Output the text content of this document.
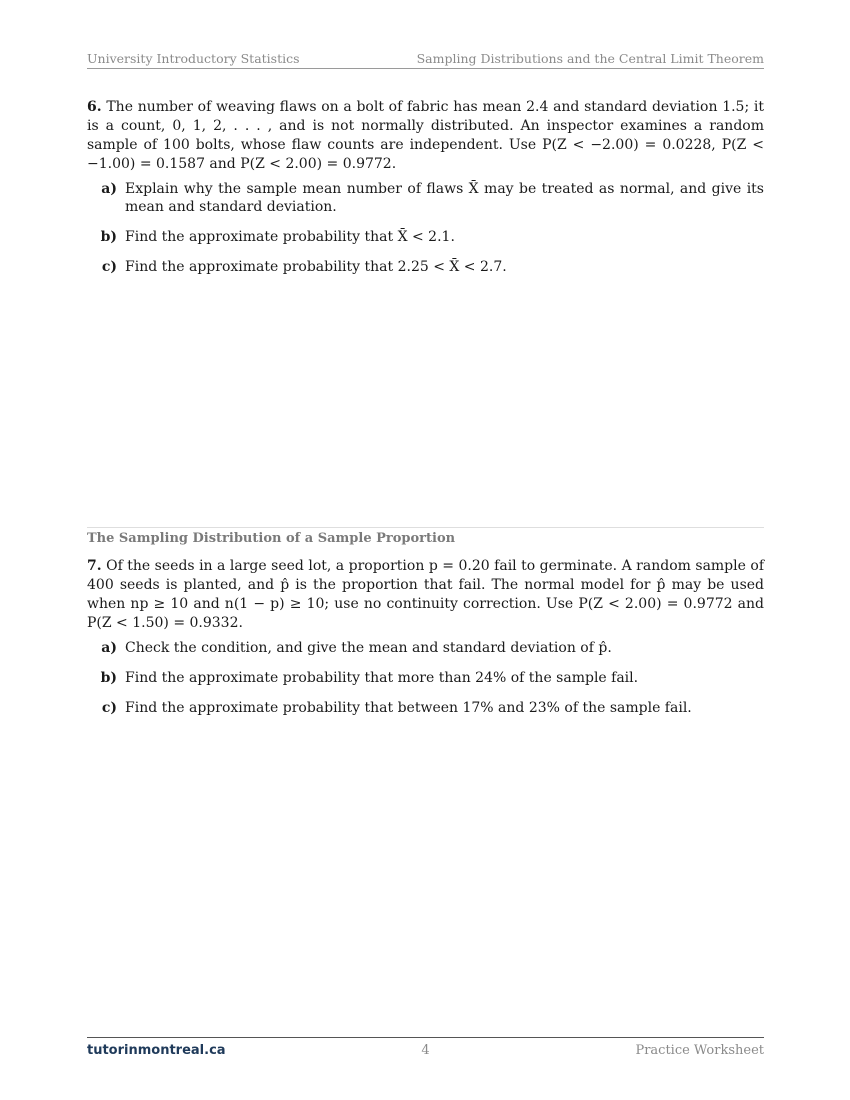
University Introductory Statistics	Sampling Distributions and the Central Limit Theorem
6. The number of weaving flaws on a bolt of fabric has mean 2.4 and standard deviation 1.5; it is a count, 0, 1, 2, . . . , and is not normally distributed. An inspector examines a random sample of 100 bolts, whose flaw counts are independent. Use P(Z < −2.00) = 0.0228, P(Z < −1.00) = 0.1587 and P(Z < 2.00) = 0.9772.
a) Explain why the sample mean number of flaws X̄ may be treated as normal, and give its mean and standard deviation.
b) Find the approximate probability that X̄ < 2.1.
c) Find the approximate probability that 2.25 < X̄ < 2.7.
The Sampling Distribution of a Sample Proportion
7. Of the seeds in a large seed lot, a proportion p = 0.20 fail to germinate. A random sample of 400 seeds is planted, and p̂ is the proportion that fail. The normal model for p̂ may be used when np ≥ 10 and n(1 − p) ≥ 10; use no continuity correction. Use P(Z < 2.00) = 0.9772 and P(Z < 1.50) = 0.9332.
a) Check the condition, and give the mean and standard deviation of p̂.
b) Find the approximate probability that more than 24% of the sample fail.
c) Find the approximate probability that between 17% and 23% of the sample fail.
tutorinmontreal.ca	4	Practice Worksheet
